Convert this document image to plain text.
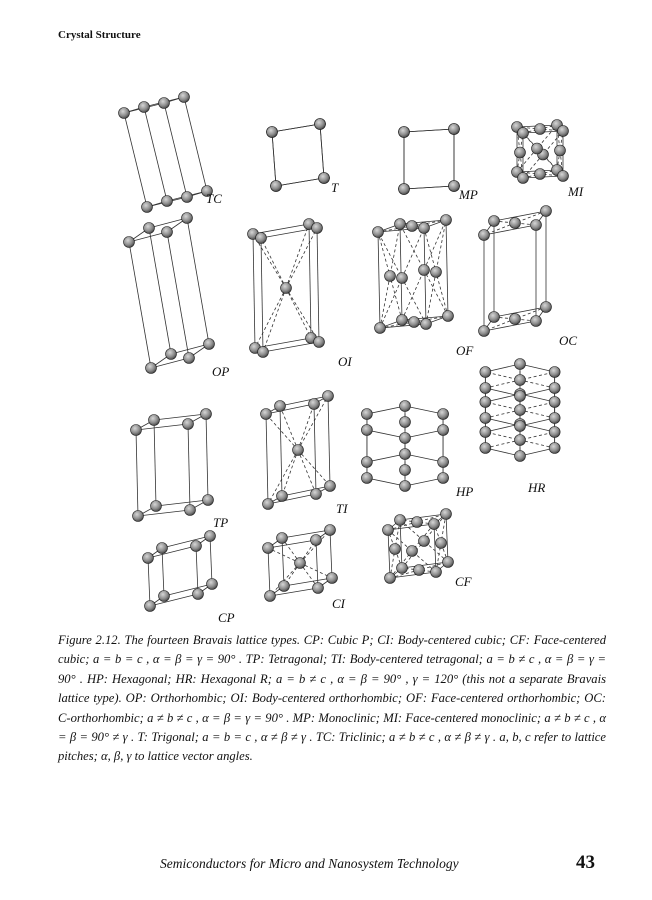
Crystal Structure
TC
T	MP	MI
OP
OI
OF
OC
TP
TI
HP	HR
CP
CI
CF
Figure 2.12. The fourteen Bravais lattice types. CP: Cubic P; CI: Body-centered cubic; CF: Face-centered cubic; a = b = c , α = β = γ = 90° . TP: Tetragonal; TI: Body-centered tetragonal; a = b ≠ c , α = β = γ = 90° . HP: Hexagonal; HR: Hexagonal R; a = b ≠ c , α = β = 90° , γ = 120° (this not a separate Bravais lattice type). OP: Orthorhombic; OI: Body-centered orthorhombic; OF: Face-centered orthorhombic; OC: C-orthorhombic; a ≠ b ≠ c , α = β = γ = 90° . MP: Monoclinic; MI: Face-centered monoclinic; a ≠ b ≠ c , α = β = 90° ≠ γ . T: Trigonal; a = b = c , α ≠ β ≠ γ . TC: Triclinic; a ≠ b ≠ c , α ≠ β ≠ γ . a, b, c refer to lattice pitches; α, β, γ to lattice vector angles.
Semiconductors for Micro and Nanosystem Technology	43
